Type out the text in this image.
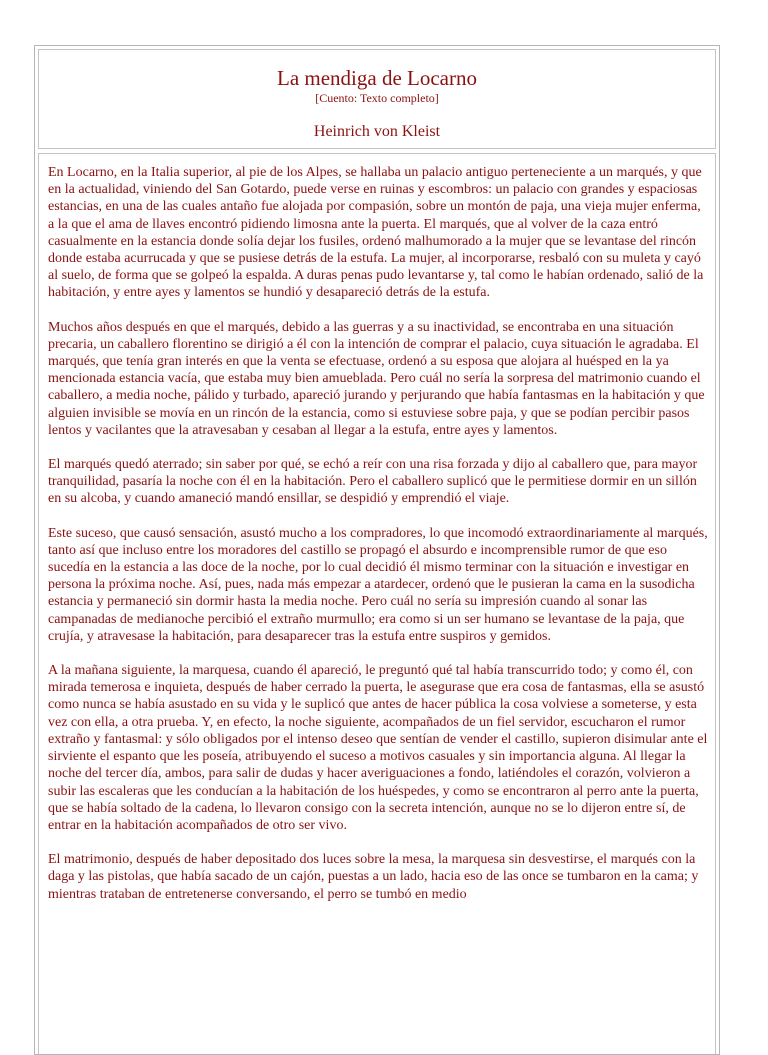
La mendiga de Locarno
[Cuento: Texto completo]
Heinrich von Kleist

En Locarno, en la Italia superior, al pie de los Alpes, se hallaba un palacio antiguo perteneciente a un marqués, y que en la actualidad, viniendo del San Gotardo, puede verse en ruinas y escombros: un palacio con grandes y espaciosas estancias, en una de las cuales antaño fue alojada por compasión, sobre un montón de paja, una vieja mujer enferma, a la que el ama de llaves encontró pidiendo limosna ante la puerta. El marqués, que al volver de la caza entró casualmente en la estancia donde solía dejar los fusiles, ordenó malhumorado a la mujer que se levantase del rincón donde estaba acurrucada y que se pusiese detrás de la estufa. La mujer, al incorporarse, resbaló con su muleta y cayó al suelo, de forma que se golpeó la espalda. A duras penas pudo levantarse y, tal como le habían ordenado, salió de la habitación, y entre ayes y lamentos se hundió y desapareció detrás de la estufa.

Muchos años después en que el marqués, debido a las guerras y a su inactividad, se encontraba en una situación precaria, un caballero florentino se dirigió a él con la intención de comprar el palacio, cuya situación le agradaba. El marqués, que tenía gran interés en que la venta se efectuase, ordenó a su esposa que alojara al huésped en la ya mencionada estancia vacía, que estaba muy bien amueblada. Pero cuál no sería la sorpresa del matrimonio cuando el caballero, a media noche, pálido y turbado, apareció jurando y perjurando que había fantasmas en la habitación y que alguien invisible se movía en un rincón de la estancia, como si estuviese sobre paja, y que se podían percibir pasos lentos y vacilantes que la atravesaban y cesaban al llegar a la estufa, entre ayes y lamentos.

El marqués quedó aterrado; sin saber por qué, se echó a reír con una risa forzada y dijo al caballero que, para mayor tranquilidad, pasaría la noche con él en la habitación. Pero el caballero suplicó que le permitiese dormir en un sillón en su alcoba, y cuando amaneció mandó ensillar, se despidió y emprendió el viaje.

Este suceso, que causó sensación, asustó mucho a los compradores, lo que incomodó extraordinariamente al marqués, tanto así que incluso entre los moradores del castillo se propagó el absurdo e incomprensible rumor de que eso sucedía en la estancia a las doce de la noche, por lo cual decidió él mismo terminar con la situación e investigar en persona la próxima noche. Así, pues, nada más empezar a atardecer, ordenó que le pusieran la cama en la susodicha estancia y permaneció sin dormir hasta la media noche. Pero cuál no sería su impresión cuando al sonar las campanadas de medianoche percibió el extraño murmullo; era como si un ser humano se levantase de la paja, que crujía, y atravesase la habitación, para desaparecer tras la estufa entre suspiros y gemidos.

A la mañana siguiente, la marquesa, cuando él apareció, le preguntó qué tal había transcurrido todo; y como él, con mirada temerosa e inquieta, después de haber cerrado la puerta, le asegurase que era cosa de fantasmas, ella se asustó como nunca se había asustado en su vida y le suplicó que antes de hacer pública la cosa volviese a someterse, y esta vez con ella, a otra prueba. Y, en efecto, la noche siguiente, acompañados de un fiel servidor, escucharon el rumor extraño y fantasmal: y sólo obligados por el intenso deseo que sentían de vender el castillo, supieron disimular ante el sirviente el espanto que les poseía, atribuyendo el suceso a motivos casuales y sin importancia alguna. Al llegar la noche del tercer día, ambos, para salir de dudas y hacer averiguaciones a fondo, latiéndoles el corazón, volvieron a subir las escaleras que les conducían a la habitación de los huéspedes, y como se encontraron al perro ante la puerta, que se había soltado de la cadena, lo llevaron consigo con la secreta intención, aunque no se lo dijeron entre sí, de entrar en la habitación acompañados de otro ser vivo.

El matrimonio, después de haber depositado dos luces sobre la mesa, la marquesa sin desvestirse, el marqués con la daga y las pistolas, que había sacado de un cajón, puestas a un lado, hacia eso de las once se tumbaron en la cama; y mientras trataban de entretenerse conversando, el perro se tumbó en medio
